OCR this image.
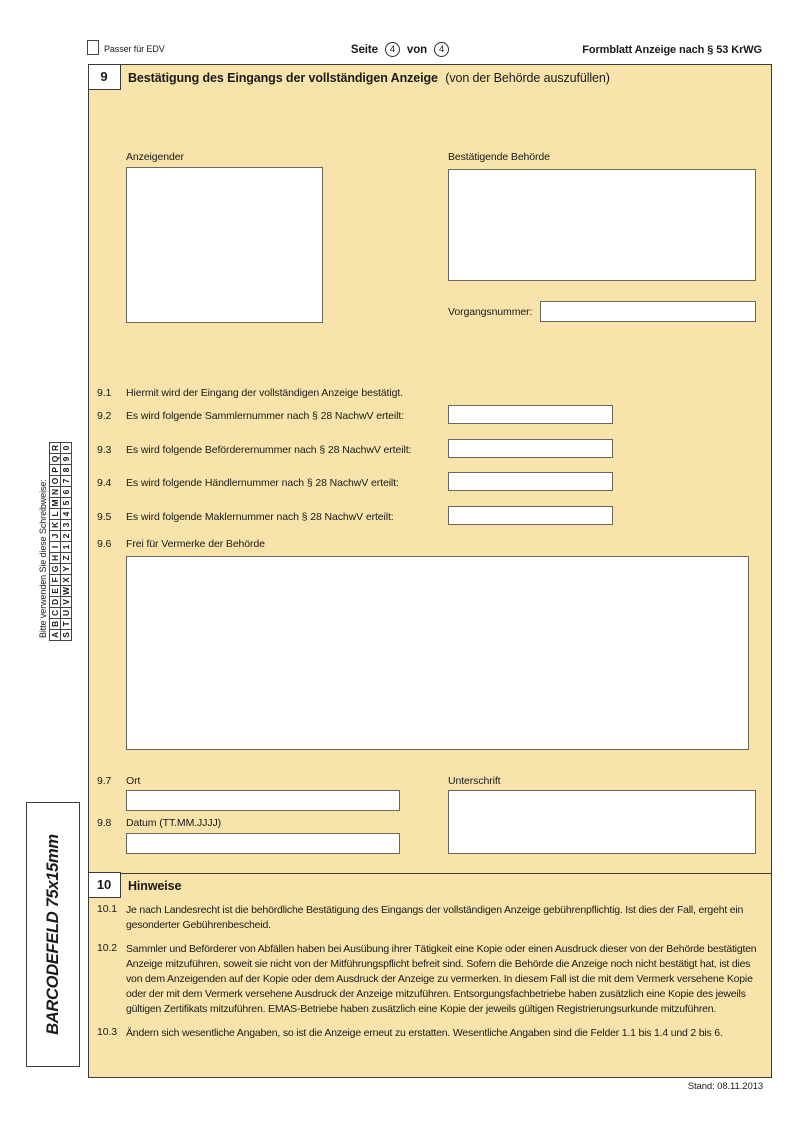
Passer für EDV	Seite	4	von	4	Formblatt Anzeige nach § 53 KrWG
Bitte verwenden Sie diese Schreibweise: A
B
C
D
E
F
G
H
I
J
K
L
M
N
O
P
Q
R
S
T
U
V
W
X
Y
Z
1
2
3
4
5
6
7
8
9
0
BARCODEFELD 75x15mm
9	Bestätigung des Eingangs der vollständigen Anzeige (von der Behörde auszufüllen)
Anzeigender	Bestätigende Behörde
Vorgangsnummer:
9.1 Hiermit wird der Eingang der vollständigen Anzeige bestätigt.
9.2 Es wird folgende Sammlernummer nach § 28 NachwV erteilt:
9.3 Es wird folgende Beförderernummer nach § 28 NachwV erteilt:
9.4 Es wird folgende Händlernummer nach § 28 NachwV erteilt:
9.5 Es wird folgende Maklernummer nach § 28 NachwV erteilt:
9.6 Frei für Vermerke der Behörde
9.7 Ort	Unterschrift
9.8 Datum (TT.MM.JJJJ)
10	Hinweise
10.1 Je nach Landesrecht ist die behördliche Bestätigung des Eingangs der vollständigen Anzeige gebührenpflichtig. Ist dies der Fall, ergeht ein gesonderter Gebührenbescheid.
10.2 Sammler und Beförderer von Abfällen haben bei Ausübung ihrer Tätigkeit eine Kopie oder einen Ausdruck dieser von der Behörde bestätigten Anzeige mitzuführen, soweit sie nicht von der Mitführungspflicht befreit sind. Sofern die Behörde die Anzeige noch nicht bestätigt hat, ist dies von dem Anzeigenden auf der Kopie oder dem Ausdruck der Anzeige zu vermerken. In diesem Fall ist die mit dem Vermerk versehene Kopie oder der mit dem Vermerk versehene Ausdruck der Anzeige mitzuführen. Entsorgungsfachbetriebe haben zusätzlich eine Kopie des jeweils gültigen Zertifikats mitzuführen. EMAS-Betriebe haben zusätzlich eine Kopie der jeweils gültigen Registrierungsurkunde mitzuführen.
10.3 Ändern sich wesentliche Angaben, so ist die Anzeige erneut zu erstatten. Wesentliche Angaben sind die Felder 1.1 bis 1.4 und 2 bis 6.
Stand: 08.11.2013
